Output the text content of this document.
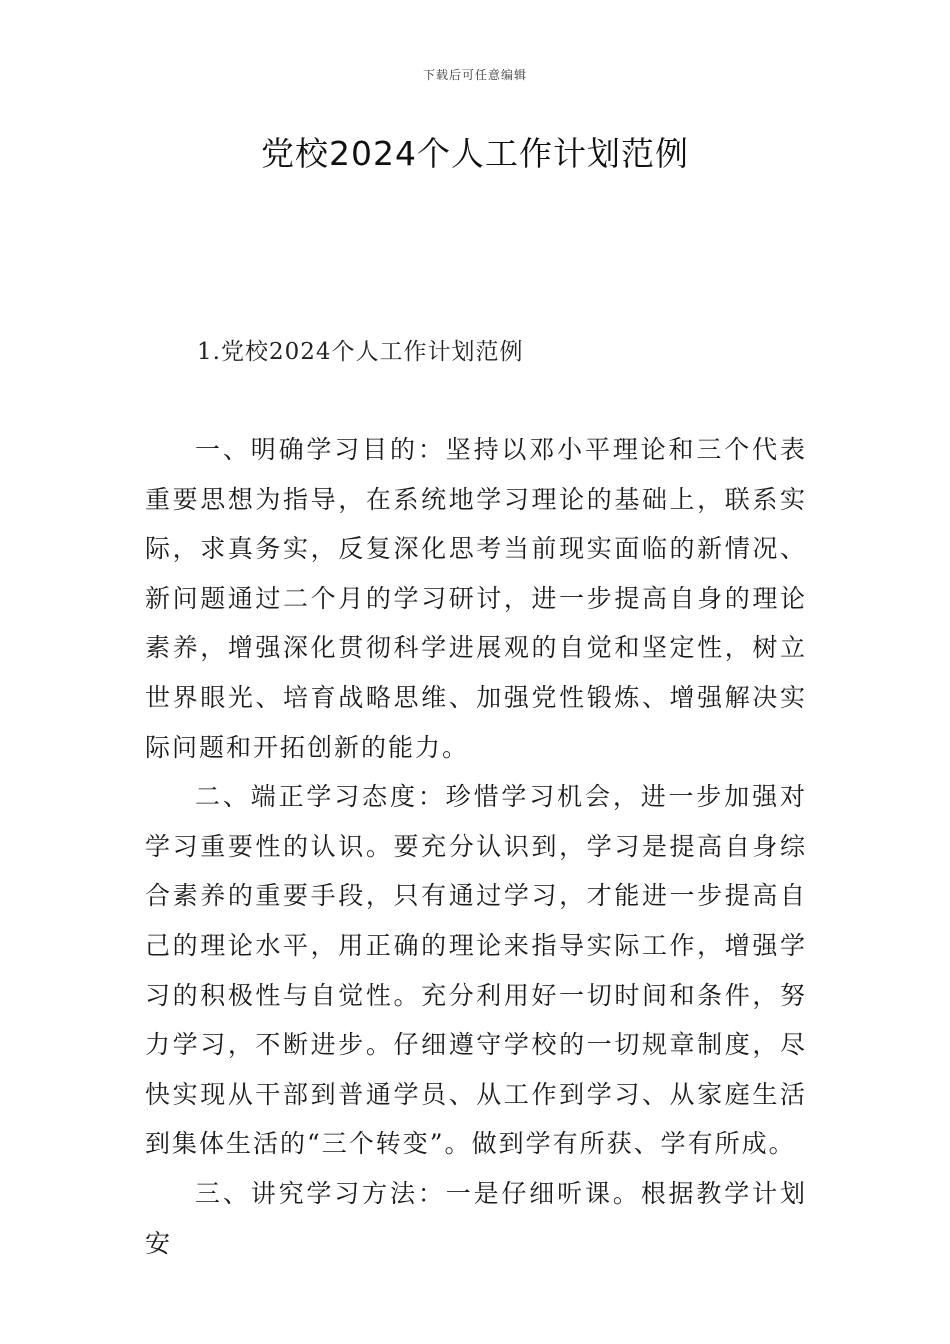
下载后可任意编辑
党校2024个人工作计划范例
1.党校2024个人工作计划范例

一、明确学习目的：坚持以邓小平理论和三个代表重要思想为指导，在系统地学习理论的基础上，联系实际，求真务实，反复深化思考当前现实面临的新情况、新问题通过二个月的学习研讨，进一步提高自身的理论素养，增强深化贯彻科学进展观的自觉和坚定性，树立世界眼光、培育战略思维、加强党性锻炼、增强解决实际问题和开拓创新的能力。

二、端正学习态度：珍惜学习机会，进一步加强对学习重要性的认识。要充分认识到，学习是提高自身综合素养的重要手段，只有通过学习，才能进一步提高自己的理论水平，用正确的理论来指导实际工作，增强学习的积极性与自觉性。充分利用好一切时间和条件，努力学习，不断进步。仔细遵守学校的一切规章制度，尽快实现从干部到普通学员、从工作到学习、从家庭生活到集体生活的“三个转变”。做到学有所获、学有所成。

三、讲究学习方法：一是仔细听课。根据教学计划安
